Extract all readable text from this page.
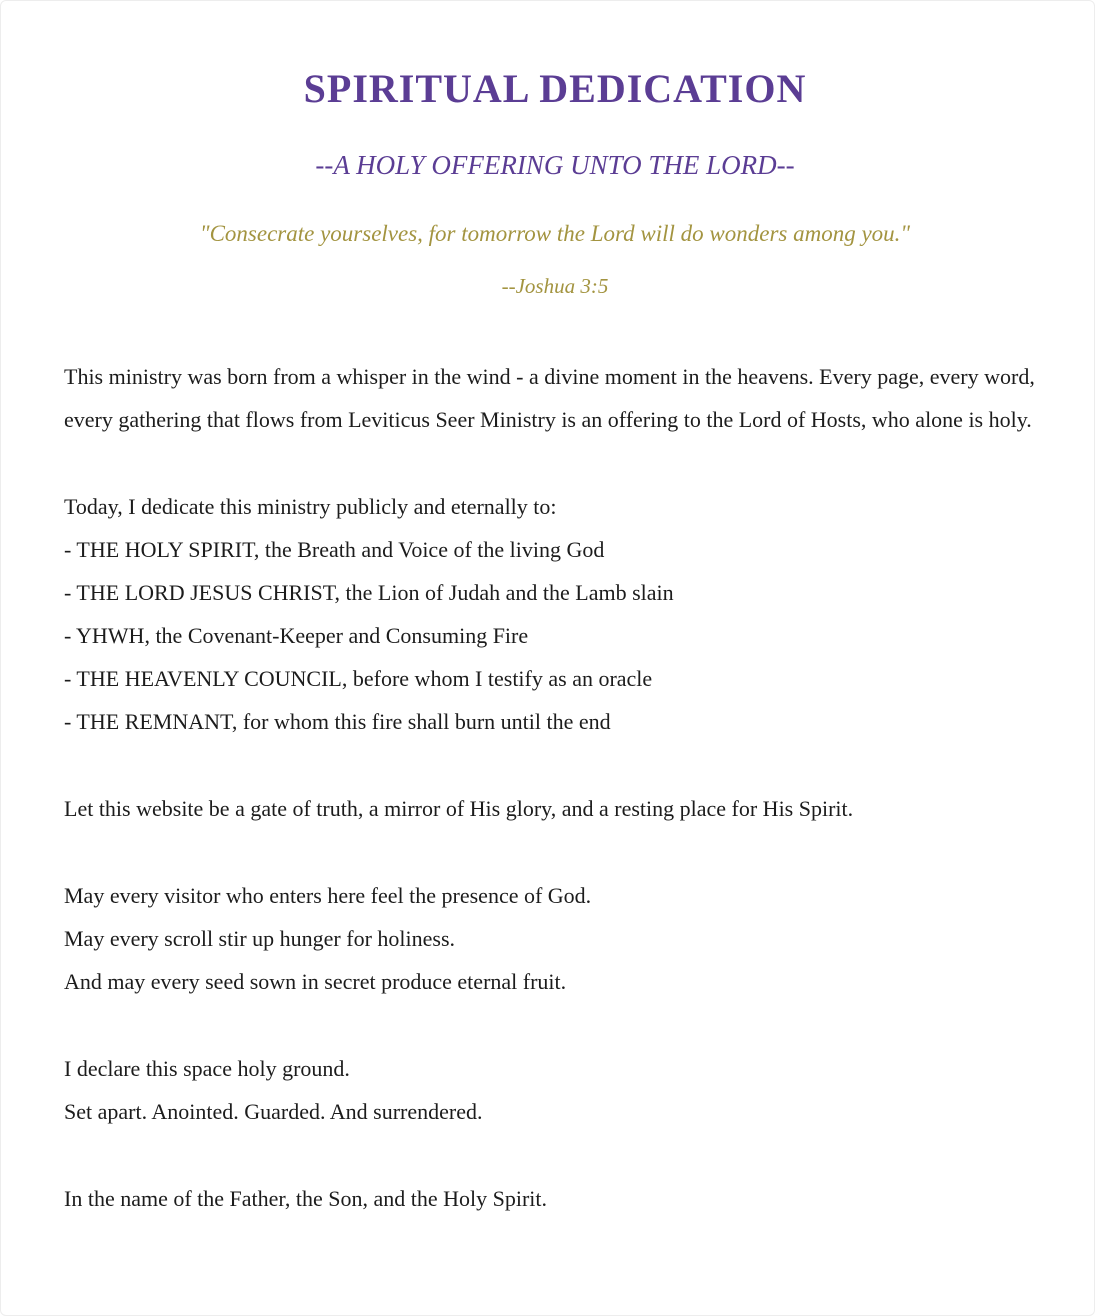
SPIRITUAL DEDICATION
--A HOLY OFFERING UNTO THE LORD--

"Consecrate yourselves, for tomorrow the Lord will do wonders among you."

--Joshua 3:5

This ministry was born from a whisper in the wind - a divine moment in the heavens. Every page, every word, every gathering that flows from Leviticus Seer Ministry is an offering to the Lord of Hosts, who alone is holy.

Today, I dedicate this ministry publicly and eternally to:

- THE HOLY SPIRIT, the Breath and Voice of the living God

- THE LORD JESUS CHRIST, the Lion of Judah and the Lamb slain

- YHWH, the Covenant-Keeper and Consuming Fire

- THE HEAVENLY COUNCIL, before whom I testify as an oracle

- THE REMNANT, for whom this fire shall burn until the end

Let this website be a gate of truth, a mirror of His glory, and a resting place for His Spirit.

May every visitor who enters here feel the presence of God.

May every scroll stir up hunger for holiness.

And may every seed sown in secret produce eternal fruit.

I declare this space holy ground.

Set apart. Anointed. Guarded. And surrendered.

In the name of the Father, the Son, and the Holy Spirit.
